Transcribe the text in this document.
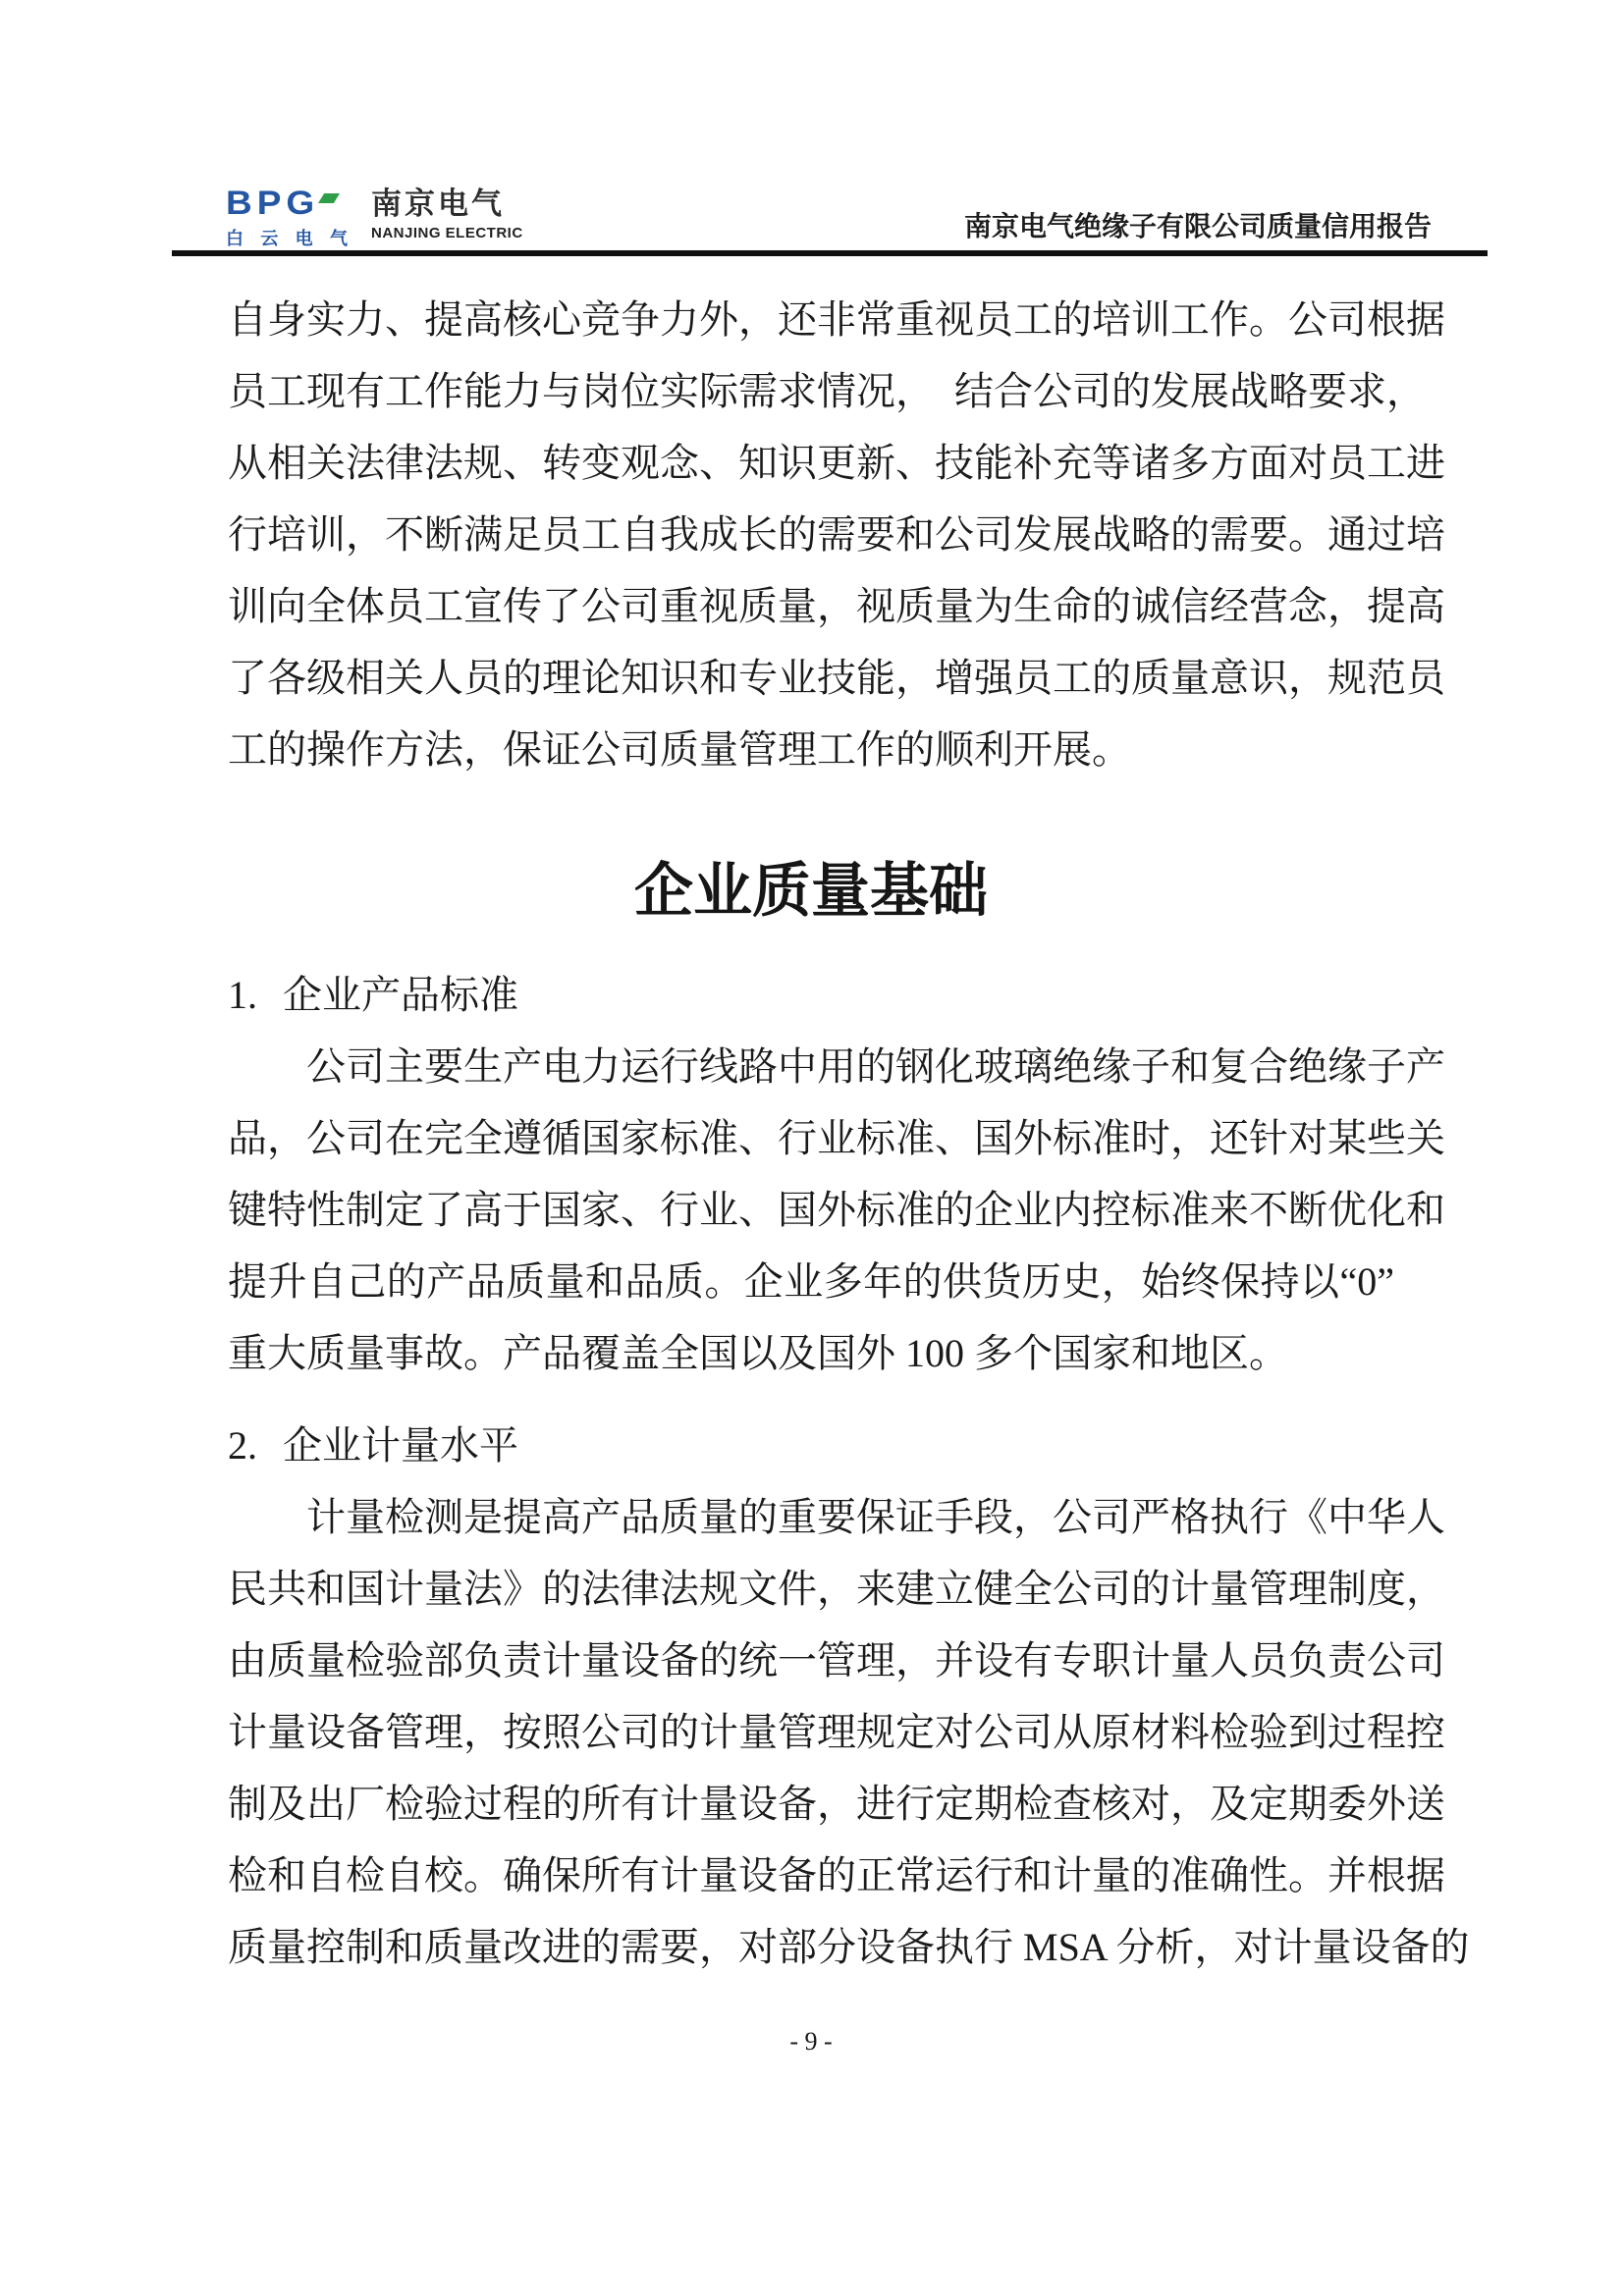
BPG
白 云 电 气
南京电气
NANJING ELECTRIC	南京电气绝缘子有限公司质量信用报告
自身实力、提高核心竞争力外，还非常重视员工的培训工作。公司根据
员工现有工作能力与岗位实际需求情况，　结合公司的发展战略要求，
从相关法律法规、转变观念、知识更新、技能补充等诸多方面对员工进
行培训，不断满足员工自我成长的需要和公司发展战略的需要。通过培
训向全体员工宣传了公司重视质量，视质量为生命的诚信经营念，提高
了各级相关人员的理论知识和专业技能，增强员工的质量意识，规范员
工的操作方法，保证公司质量管理工作的顺利开展。
企业质量基础
1. 企业产品标准
公司主要生产电力运行线路中用的钢化玻璃绝缘子和复合绝缘子产
品，公司在完全遵循国家标准、行业标准、国外标准时，还针对某些关
键特性制定了高于国家、行业、国外标准的企业内控标准来不断优化和
提升自己的产品质量和品质。企业多年的供货历史，始终保持以“0”
重大质量事故。产品覆盖全国以及国外 100 多个国家和地区。
2. 企业计量水平
计量检测是提高产品质量的重要保证手段，公司严格执行《中华人
民共和国计量法》的法律法规文件，来建立健全公司的计量管理制度，
由质量检验部负责计量设备的统一管理，并设有专职计量人员负责公司
计量设备管理，按照公司的计量管理规定对公司从原材料检验到过程控
制及出厂检验过程的所有计量设备，进行定期检查核对，及定期委外送
检和自检自校。确保所有计量设备的正常运行和计量的准确性。并根据
质量控制和质量改进的需要，对部分设备执行 MSA 分析，对计量设备的
- 9 -
